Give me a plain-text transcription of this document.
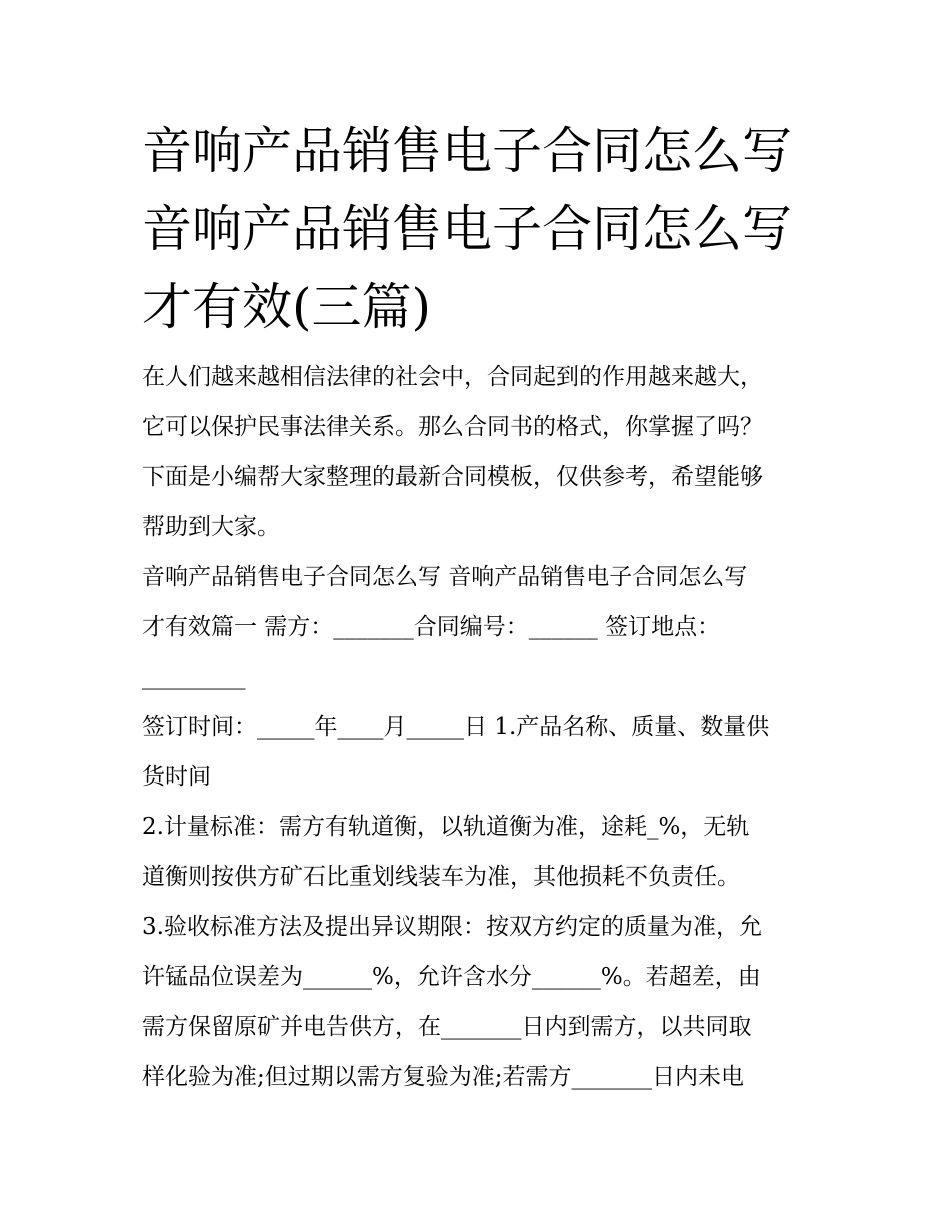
音响产品销售电子合同怎么写
音响产品销售电子合同怎么写
才有效(三篇)
在人们越来越相信法律的社会中，合同起到的作用越来越大，
它可以保护民事法律关系。那么合同书的格式，你掌握了吗？
下面是小编帮大家整理的最新合同模板，仅供参考，希望能够
帮助到大家。
音响产品销售电子合同怎么写 音响产品销售电子合同怎么写
才有效篇一 需方：_______合同编号：______ 签订地点：
_________
签订时间：_____年____月_____日 1.产品名称、质量、数量供
货时间
2.计量标准：需方有轨道衡，以轨道衡为准，途耗_%，无轨
道衡则按供方矿石比重划线装车为准，其他损耗不负责任。
3.验收标准方法及提出异议期限：按双方约定的质量为准，允
许锰品位误差为______%，允许含水分______%。若超差，由
需方保留原矿并电告供方，在_______日内到需方，以共同取
样化验为准;但过期以需方复验为准;若需方_______日内未电
